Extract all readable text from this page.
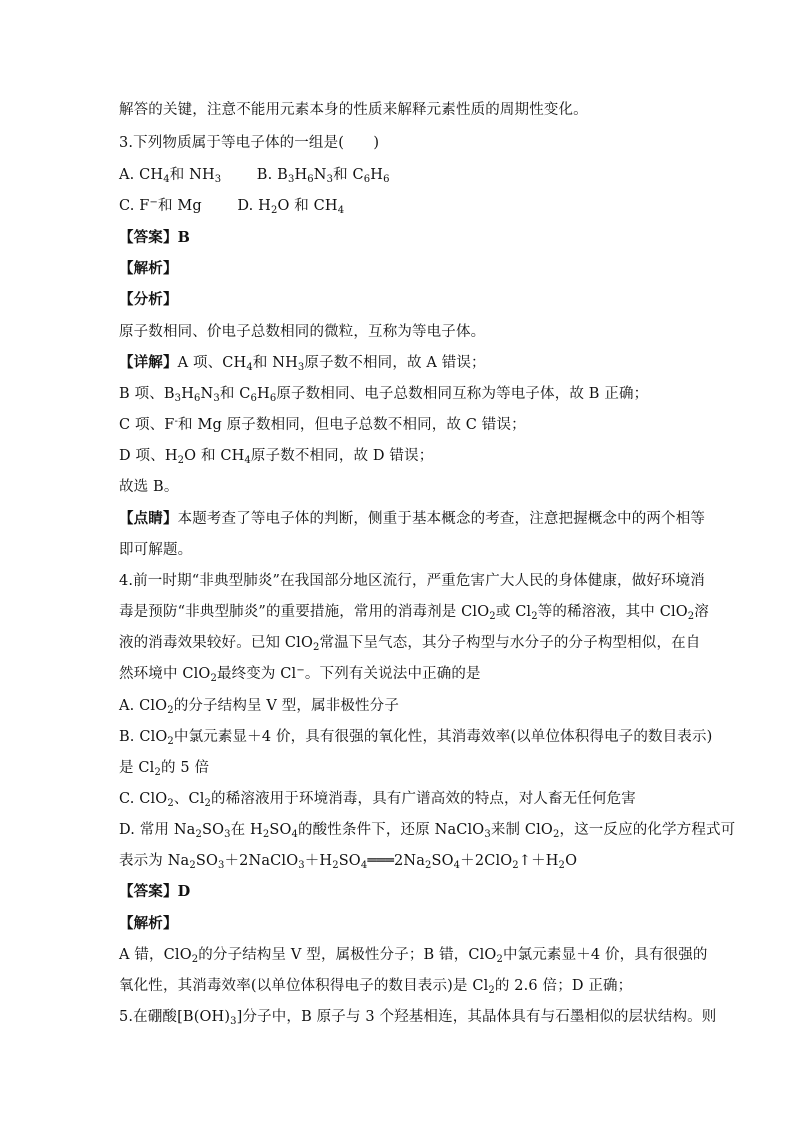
解答的关键，注意不能用元素本身的性质来解释元素性质的周期性变化。
3.下列物质属于等电子体的一组是(　　)
A. $CH_4$和 $NH_3$ B. $B_3H_6N_3$和 $C_6H_6$
C. F−和 Mg D. $H_2O$ 和 $CH_4$
【答案】B
【解析】
【分析】
原子数相同、价电子总数相同的微粒，互称为等电子体。
【详解】A 项、$CH_4$和 $NH_3$原子数不相同，故 A 错误；
B 项、$B_3H_6N_3$和 $C_6H_6$原子数相同、电子总数相同互称为等电子体，故 B 正确；
C 项、F-和 Mg 原子数相同，但电子总数不相同，故 C 错误；
D 项、$H_2O$ 和 $CH_4$原子数不相同，故 D 错误；
故选 B。
【点睛】本题考查了等电子体的判断，侧重于基本概念的考查，注意把握概念中的两个相等
即可解题。
4.前一时期“非典型肺炎”在我国部分地区流行，严重危害广大人民的身体健康，做好环境消
毒是预防“非典型肺炎”的重要措施，常用的消毒剂是 ClO$_2$或 $Cl_2$等的稀溶液，其中 ClO$_2$溶
液的消毒效果较好。已知 ClO$_2$常温下呈气态，其分子构型与水分子的分子构型相似，在自
然环境中 ClO$_2$最终变为 Cl−。下列有关说法中正确的是
A. ClO$_2$的分子结构呈 V 型，属非极性分子
B. ClO$_2$中氯元素显＋4 价，具有很强的氧化性，其消毒效率(以单位体积得电子的数目表示)
是 $Cl_2$的 5 倍
C. ClO$_2$、$Cl_2$的稀溶液用于环境消毒，具有广谱高效的特点，对人畜无任何危害
D. 常用 $Na_2SO_3$在 $H_2SO_4$的酸性条件下，还原 NaClO$_3$来制 ClO$_2$，这一反应的化学方程式可
表示为 $Na_2SO_3+2NaClO_3+H_2SO_4═══2Na_2SO_4+2ClO_2↑+H_2O$
【答案】D
【解析】
A 错，ClO$_2$的分子结构呈 V 型，属极性分子；B 错，ClO$_2$中氯元素显＋4 价，具有很强的
氧化性，其消毒效率(以单位体积得电子的数目表示)是 $Cl_2$的 2.6 倍；D 正确；
5.在硼酸$[B(OH)_3]$分子中，B 原子与 3 个羟基相连，其晶体具有与石墨相似的层状结构。则
